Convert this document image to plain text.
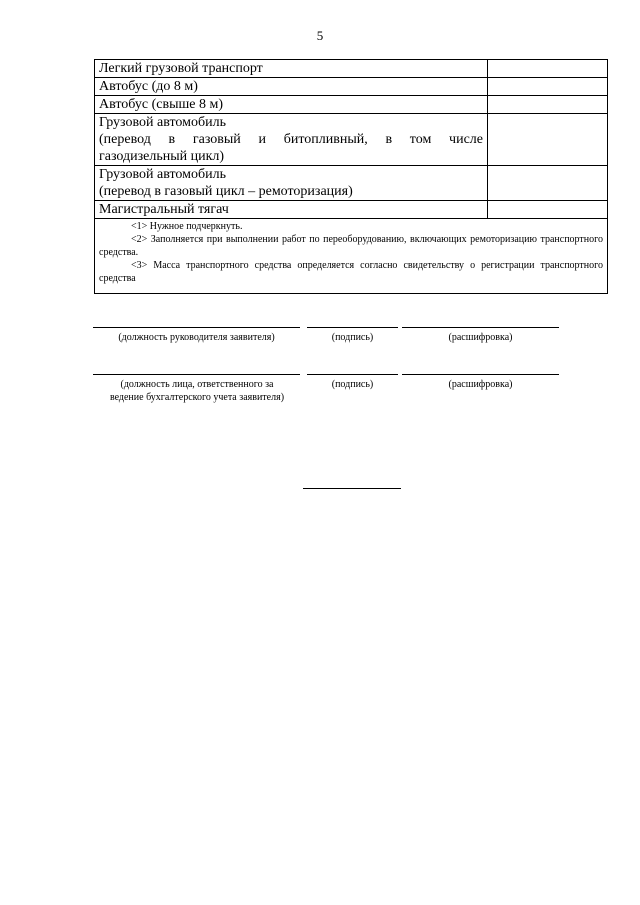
5
Легкий грузовой транспорт	
Автобус (до 8 м)	
Автобус (свыше 8 м)	

Грузовой автомобиль
(перевод в газовый и битопливный, в том числе
газодизельный цикл)	

Грузовой автомобиль
(перевод в газовый цикл – ремоторизация)	

Магистральный тягач	

<1> Нужное подчеркнуть.

<2> Заполняется при выполнении работ по переоборудованию, включающих ремоторизацию транспортного средства.

<3> Масса транспортного средства определяется согласно свидетельству о регистрации транспортного средства

(должность руководителя заявителя)	(подпись)	(расшифровка)
(должность лица, ответственного за
ведение бухгалтерского учета заявителя)
(подпись)	(расшифровка)
